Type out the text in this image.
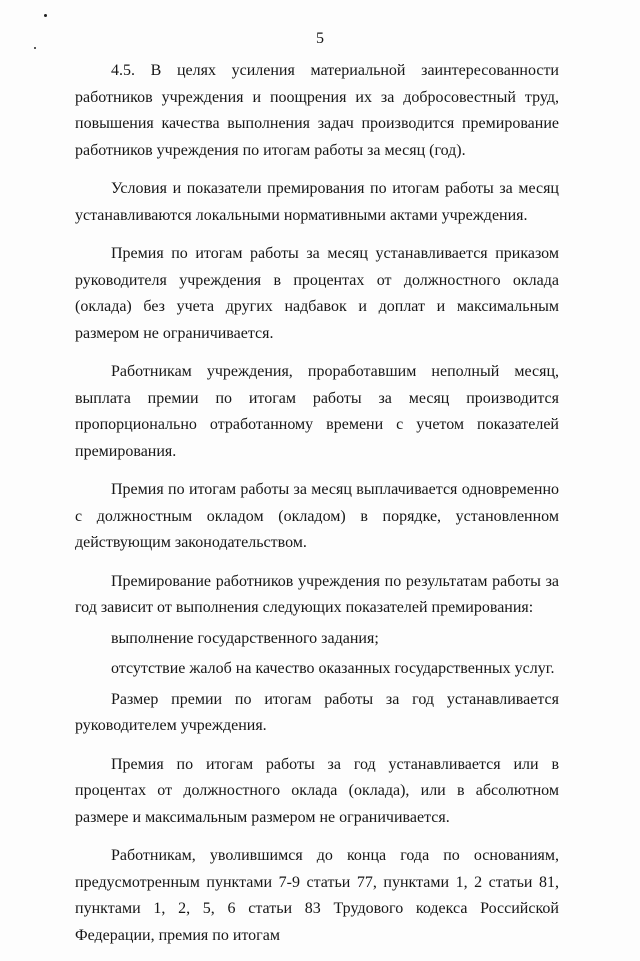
5

4.5. В целях усиления материальной заинтересованности работников учреждения и поощрения их за добросовестный труд, повышения качества выполнения задач производится премирование работников учреждения по итогам работы за месяц (год).

Условия и показатели премирования по итогам работы за месяц устанавливаются локальными нормативными актами учреждения.

Премия по итогам работы за месяц устанавливается приказом руководителя учреждения в процентах от должностного оклада (оклада) без учета других надбавок и доплат и максимальным размером не ограничивается.

Работникам учреждения, проработавшим неполный месяц, выплата премии по итогам работы за месяц производится пропорционально отработанному времени с учетом показателей премирования.

Премия по итогам работы за месяц выплачивается одновременно с должностным окладом (окладом) в порядке, установленном действующим законодательством.

Премирование работников учреждения по результатам работы за год зависит от выполнения следующих показателей премирования:

выполнение государственного задания;

отсутствие жалоб на качество оказанных государственных услуг.

Размер премии по итогам работы за год устанавливается руководителем учреждения.

Премия по итогам работы за год устанавливается или в процентах от должностного оклада (оклада), или в абсолютном размере и максимальным размером не ограничивается.

Работникам, уволившимся до конца года по основаниям, предусмотренным пунктами 7-9 статьи 77, пунктами 1, 2 статьи 81, пунктами 1, 2, 5, 6 статьи 83 Трудового кодекса Российской Федерации, премия по итогам
